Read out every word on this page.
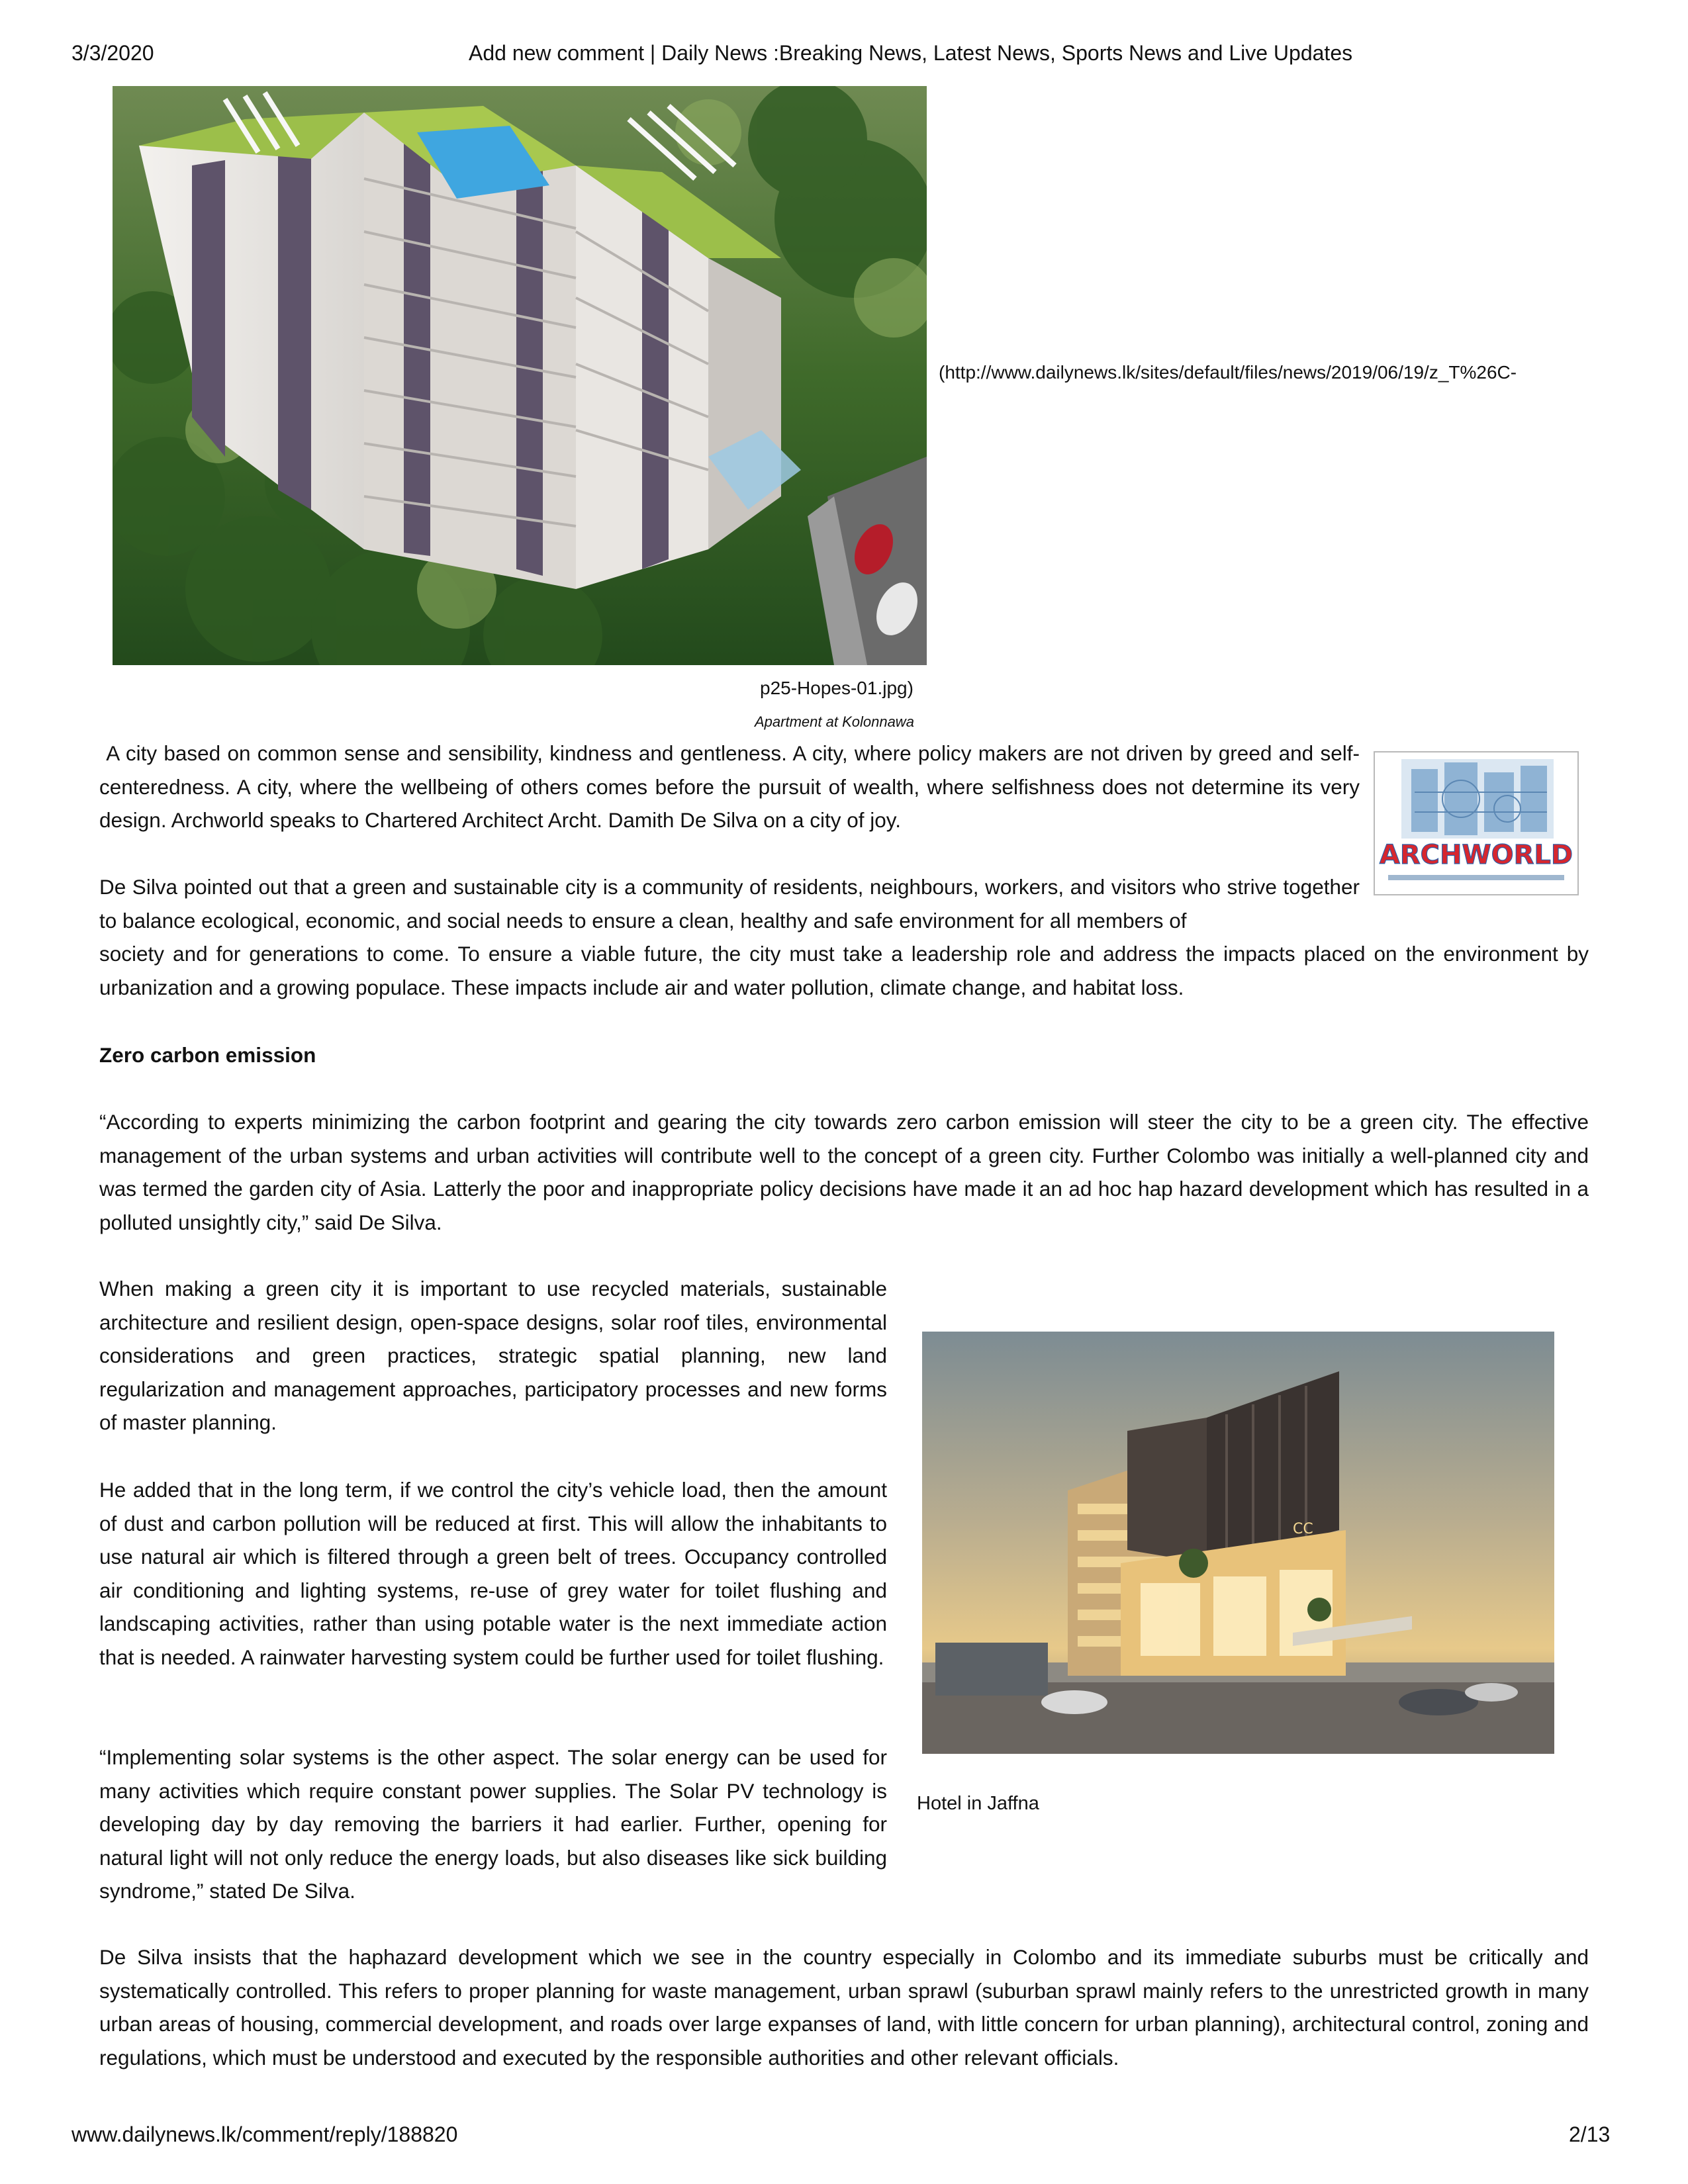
3/3/2020	Add new comment | Daily News :Breaking News, Latest News, Sports News and Live Updates
(http://www.dailynews.lk/sites/default/files/news/2019/06/19/z_T%26C-
p25-Hopes-01.jpg)
Apartment at Kolonnawa
ARCHWORLD
A city based on common sense and sensibility, kindness and gentleness. A city, where policy makers are not driven by greed and self- centeredness. A city, where the wellbeing of others comes before the pursuit of wealth, where selfishness does not determine its very design. Archworld speaks to Chartered Architect Archt. Damith De Silva on a city of joy.
De Silva pointed out that a green and sustainable city is a community of residents, neighbours, workers, and visitors who strive together to balance ecological, economic, and social needs to ensure a clean, healthy and safe environment for all members of
society and for generations to come. To ensure a viable future, the city must take a leadership role and address the impacts placed on the environment by urbanization and a growing populace. These impacts include air and water pollution, climate change, and habitat loss.
Zero carbon emission
“According to experts minimizing the carbon footprint and gearing the city towards zero carbon emission will steer the city to be a green city. The effective management of the urban systems and urban activities will contribute well to the concept of a green city. Further Colombo was initially a well-planned city and was termed the garden city of Asia. Latterly the poor and inappropriate policy decisions have made it an ad hoc hap hazard development which has resulted in a polluted unsightly city,” said De Silva.
When making a green city it is important to use recycled materials, sustainable architecture and resilient design, open-space designs, solar roof tiles, environmental considerations and green practices, strategic spatial planning, new land regularization and management approaches, participatory processes and new forms of master planning.
He added that in the long term, if we control the city’s vehicle load, then the amount of dust and carbon pollution will be reduced at first. This will allow the inhabitants to use natural air which is filtered through a green belt of trees. Occupancy controlled air conditioning and lighting systems, re-use of grey water for toilet flushing and landscaping activities, rather than using potable water is the next immediate action that is needed. A rainwater harvesting system could be further used for toilet flushing.
“Implementing solar systems is the other aspect. The solar energy can be used for many activities which require constant power supplies. The Solar PV technology is developing day by day removing the barriers it had earlier. Further, opening for natural light will not only reduce the energy loads, but also diseases like sick building syndrome,” stated De Silva.
CC
Hotel in Jaffna
De Silva insists that the haphazard development which we see in the country especially in Colombo and its immediate suburbs must be critically and systematically controlled. This refers to proper planning for waste management, urban sprawl (suburban sprawl mainly refers to the unrestricted growth in many urban areas of housing, commercial development, and roads over large expanses of land, with little concern for urban planning), architectural control, zoning and regulations, which must be understood and executed by the responsible authorities and other relevant officials.
www.dailynews.lk/comment/reply/188820	2/13
